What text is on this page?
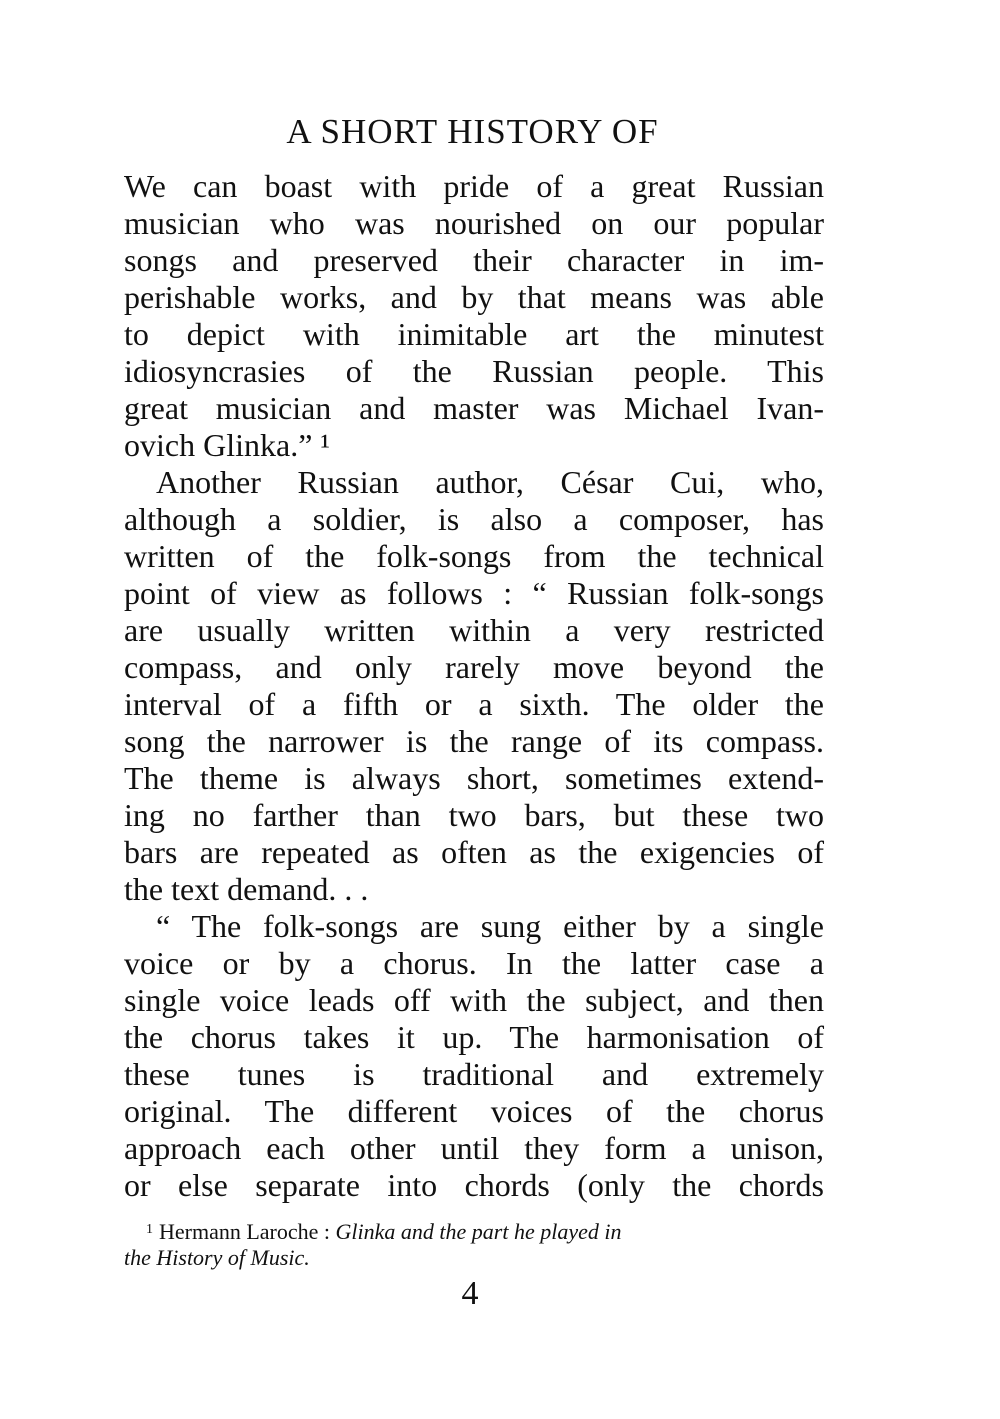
A SHORT HISTORY OF
We can boast with pride of a great Russian
musician who was nourished on our popular
songs and preserved their character in im-
perishable works, and by that means was able
to depict with inimitable art the minutest
idiosyncrasies of the Russian people. This
great musician and master was Michael Ivan-
ovich Glinka.” ¹
Another Russian author, César Cui, who,
although a soldier, is also a composer, has
written of the folk-songs from the technical
point of view as follows : “ Russian folk-songs
are usually written within a very restricted
compass, and only rarely move beyond the
interval of a fifth or a sixth. The older the
song the narrower is the range of its compass.
The theme is always short, sometimes extend-
ing no farther than two bars, but these two
bars are repeated as often as the exigencies of
the text demand. . .
“ The folk-songs are sung either by a single
voice or by a chorus. In the latter case a
single voice leads off with the subject, and then
the chorus takes it up. The harmonisation of
these tunes is traditional and extremely
original. The different voices of the chorus
approach each other until they form a unison,
or else separate into chords (only the chords
$^1$ Hermann Laroche : Glinka and the part he played in
the History of Music.
4
